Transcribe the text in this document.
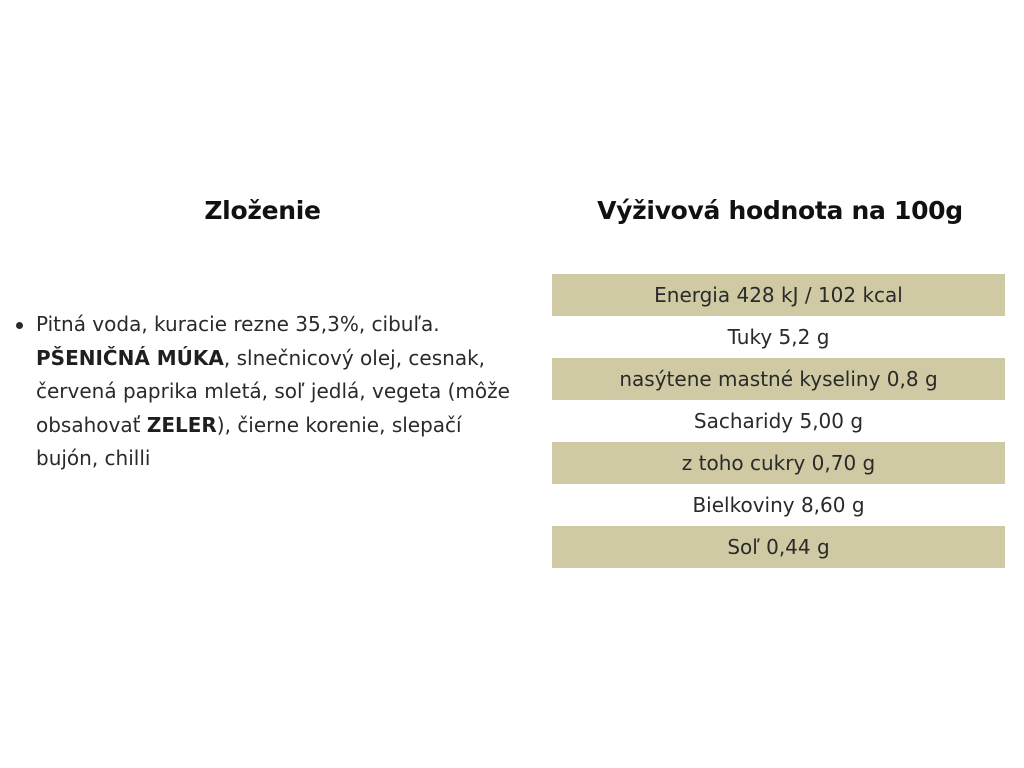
Zloženie
Pitná voda, kuracie rezne 35,3%, cibuľa.
PŠENIČNÁ MÚKA, slnečnicový olej, cesnak, červená paprika mletá, soľ jedlá, vegeta (môže obsahovať ZELER), čierne korenie, slepačí bujón, chilli
Výživová hodnota na 100g
Energia 428 kJ / 102 kcal
Tuky 5,2 g
nasýtene mastné kyseliny 0,8 g
Sacharidy 5,00 g
z toho cukry 0,70 g
Bielkoviny 8,60 g
Soľ 0,44 g
